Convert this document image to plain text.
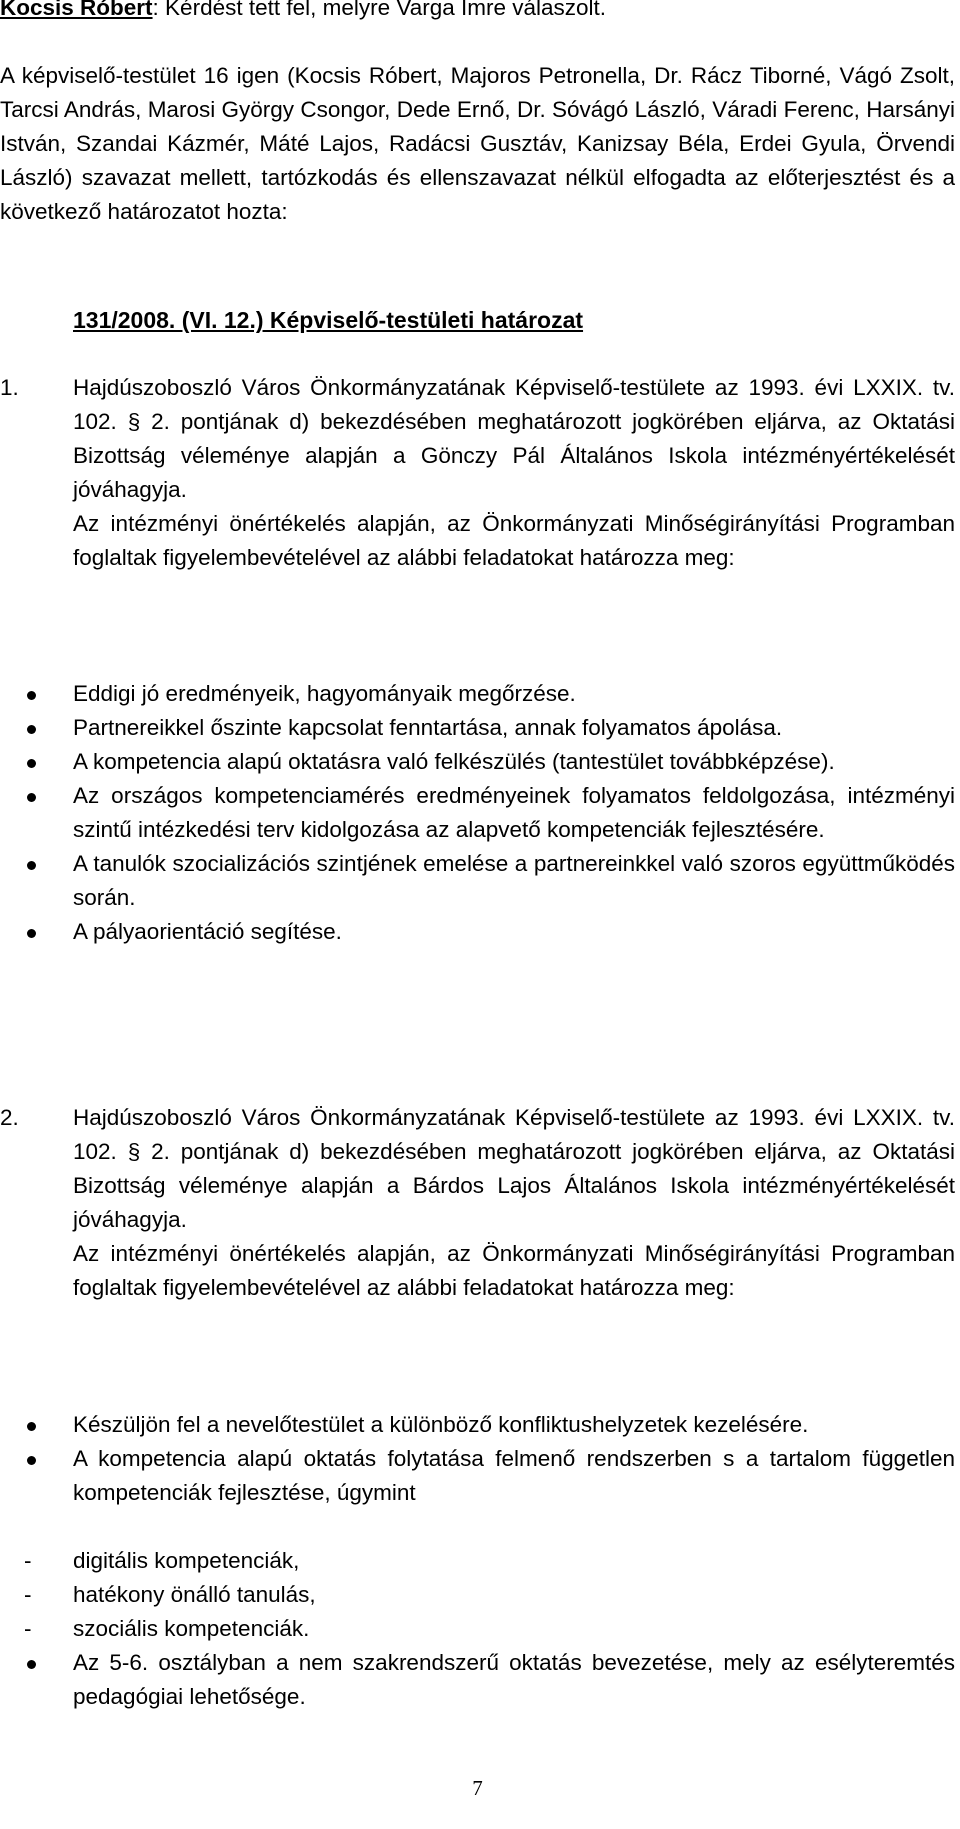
Kocsis Róbert: Kérdést tett fel, melyre Varga Imre válaszolt.

A képviselő-testület 16 igen (Kocsis Róbert, Majoros Petronella, Dr. Rácz Tiborné, Vágó Zsolt, Tarcsi András, Marosi György Csongor, Dede Ernő, Dr. Sóvágó László, Váradi Ferenc, Harsányi István, Szandai Kázmér, Máté Lajos, Radácsi Gusztáv, Kanizsay Béla, Erdei Gyula, Örvendi László) szavazat mellett, tartózkodás és ellenszavazat nélkül elfogadta az előterjesztést és a következő határozatot hozta:

131/2008. (VI. 12.) Képviselő-testületi határozat
1.	Hajdúszoboszló Város Önkormányzatának Képviselő-testülete az 1993. évi LXXIX. tv. 102. § 2. pontjának d) bekezdésében meghatározott jogkörében eljárva, az Oktatási Bizottság véleménye alapján a Gönczy Pál Általános Iskola intézményértékelését jóváhagyja.

Az intézményi önértékelés alapján, az Önkormányzati Minőségirányítási Programban foglaltak figyelembevételével az alábbi feladatokat határozza meg:

Eddigi jó eredményeik, hagyományaik megőrzése.
Partnereikkel őszinte kapcsolat fenntartása, annak folyamatos ápolása.
A kompetencia alapú oktatásra való felkészülés (tantestület továbbképzése).
Az országos kompetenciamérés eredményeinek folyamatos feldolgozása, intézményi szintű intézkedési terv kidolgozása az alapvető kompetenciák fejlesztésére.
A tanulók szocializációs szintjének emelése a partnereinkkel való szoros együttműködés során.
A pályaorientáció segítése.
2.	Hajdúszoboszló Város Önkormányzatának Képviselő-testülete az 1993. évi LXXIX. tv. 102. § 2. pontjának d) bekezdésében meghatározott jogkörében eljárva, az Oktatási Bizottság véleménye alapján a Bárdos Lajos Általános Iskola intézményértékelését jóváhagyja.

Az intézményi önértékelés alapján, az Önkormányzati Minőségirányítási Programban foglaltak figyelembevételével az alábbi feladatokat határozza meg:

Készüljön fel a nevelőtestület a különböző konfliktushelyzetek kezelésére.
A kompetencia alapú oktatás folytatása felmenő rendszerben s a tartalom független kompetenciák fejlesztése, úgymint
- digitális kompetenciák,
- hatékony önálló tanulás,
- szociális kompetenciák.
Az 5-6. osztályban a nem szakrendszerű oktatás bevezetése, mely az esélyteremtés pedagógiai lehetősége.
7
